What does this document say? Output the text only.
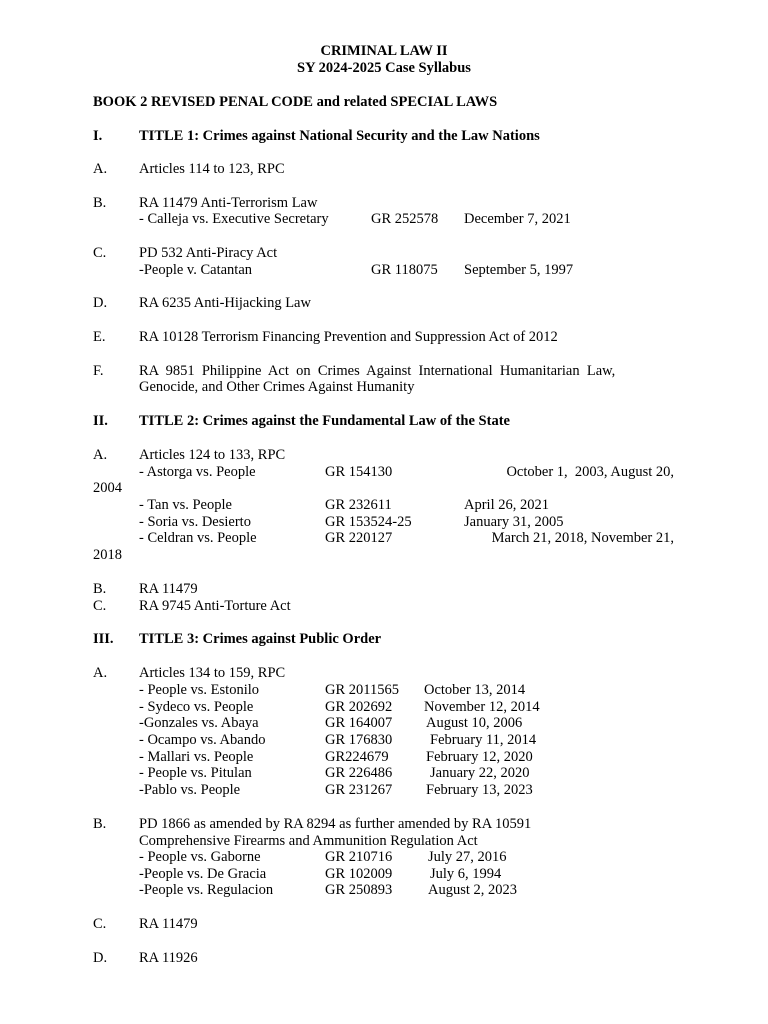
CRIMINAL LAW II
SY 2024-2025 Case Syllabus
BOOK 2 REVISED PENAL CODE and related SPECIAL LAWS
I.	TITLE 1: Crimes against National Security and the Law Nations
A. Articles 114 to 123, RPC
B. RA 11479 Anti-Terrorism Law
- Calleja vs. Executive Secretary	GR 252578 December 7, 2021
C. PD 532 Anti-Piracy Act
-People v. Catantan	GR 118075 September 5, 1997
D. RA 6235 Anti-Hijacking Law
E. RA 10128 Terrorism Financing Prevention and Suppression Act of 2012
F. RA  9851  Philippine  Act  on  Crimes  Against  International  Humanitarian  Law,
Genocide, and Other Crimes Against Humanity
II. TITLE 2: Crimes against the Fundamental Law of the State
A. Articles 124 to 133, RPC
- Astorga vs. People	GR 154130	October 1,  2003, August 20,
2004
- Tan vs. People	GR 232611	April 26, 2021
- Soria vs. Desierto	GR 153524-25	January 31, 2005
- Celdran vs. People	GR 220127	March 21, 2018, November 21,
2018
B. RA 11479
C. RA 9745 Anti-Torture Act
III. TITLE 3: Crimes against Public Order
A. Articles 134 to 159, RPC
- People vs. Estonilo	GR 2011565 October 13, 2014
- Sydeco vs. People	GR 202692 November 12, 2014
-Gonzales vs. Abaya	GR 164007 August 10, 2006
- Ocampo vs. Abando	GR 176830	February 11, 2014
- Mallari vs. People	GR224679	February 12, 2020
- People vs. Pitulan	GR 226486	January 22, 2020
-Pablo vs. People	GR 231267 February 13, 2023
B. PD 1866 as amended by RA 8294 as further amended by RA 10591
Comprehensive Firearms and Ammunition Regulation Act
- People vs. Gaborne	GR 210716 July 27, 2016
-People vs. De Gracia	GR 102009	July 6, 1994
-People vs. Regulacion	GR 250893 August 2, 2023
C. RA 11479
D. RA 11926
